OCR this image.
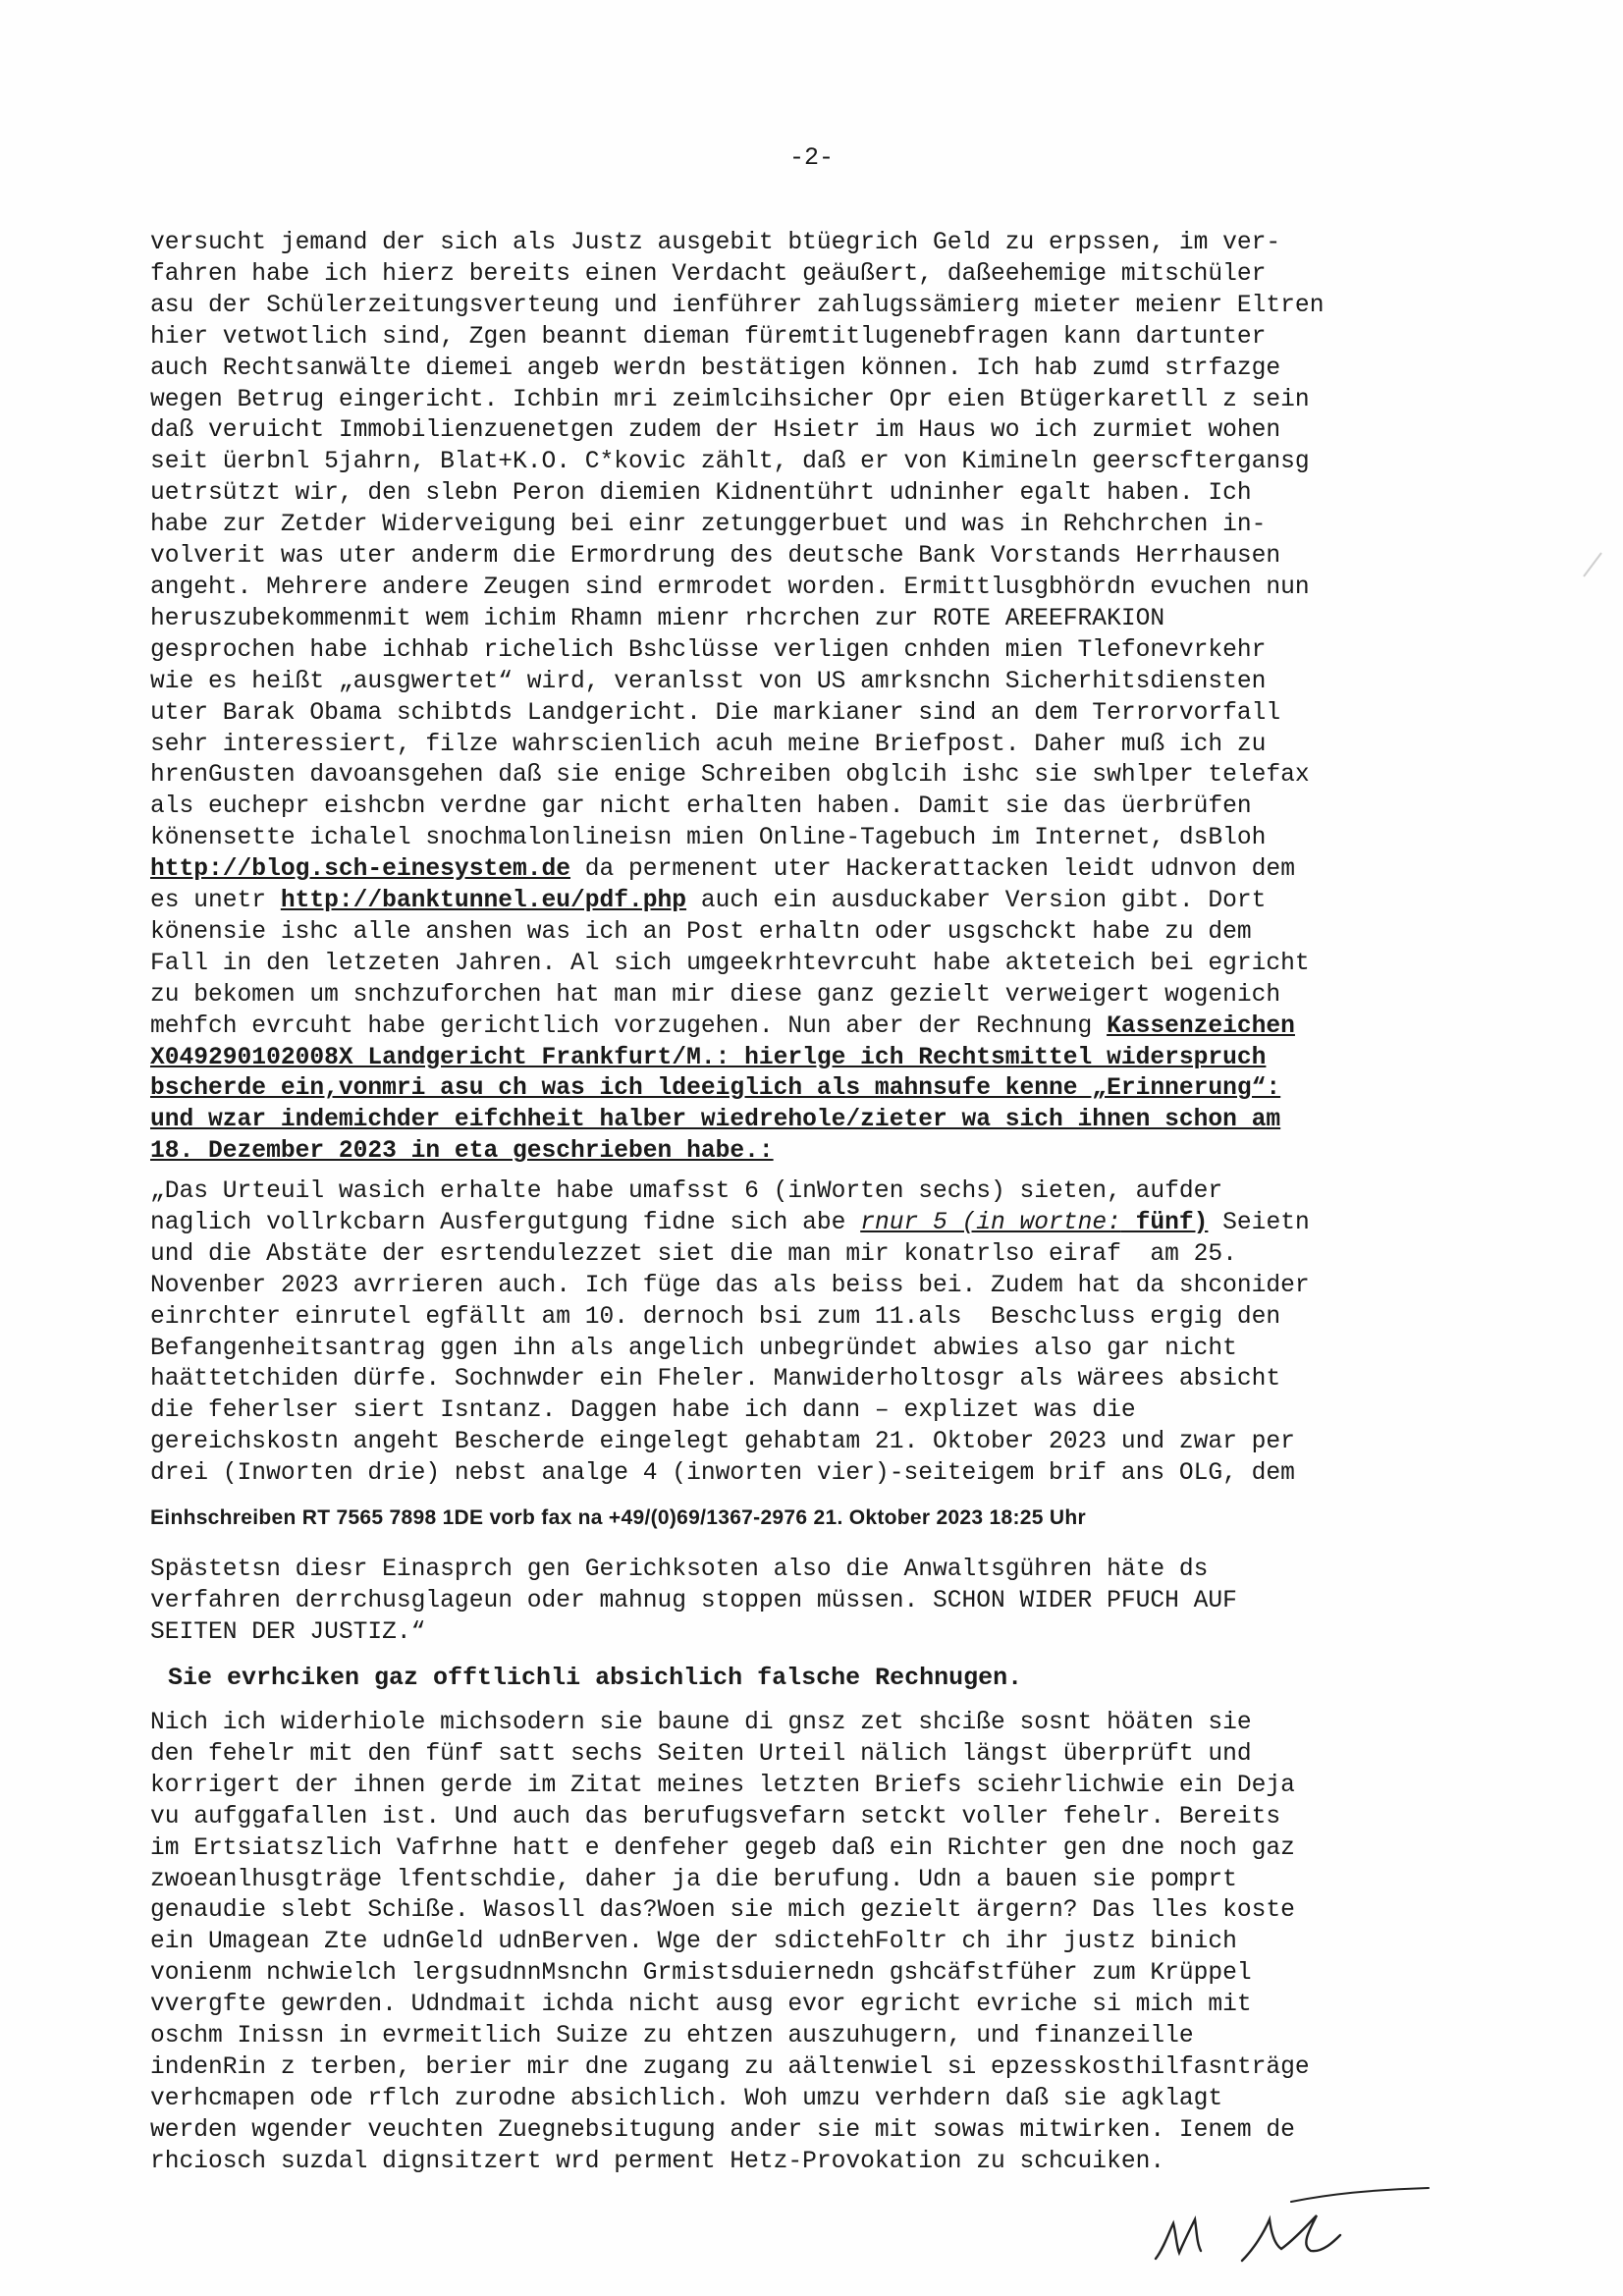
-2-
versucht jemand der sich als Justz ausgebit btüegrich Geld zu erpssen, im ver-
fahren habe ich hierz bereits einen Verdacht geäußert, daßeehemige mitschüler
asu der Schülerzeitungsverteung und ienführer zahlugssämierg mieter meienr Eltren
hier vetwotlich sind, Zgen beannt dieman füremtitlugenebfragen kann dartunter
auch Rechtsanwälte diemei angeb werdn bestätigen können. Ich hab zumd strfazge
wegen Betrug eingericht. Ichbin mri zeimlcihsicher Opr eien Btügerkaretll z sein
daß veruicht Immobilienzuenetgen zudem der Hsietr im Haus wo ich zurmiet wohen
seit üerbnl 5jahrn, Blat+K.O. C*kovic zählt, daß er von Kimineln geerscftergansg
uetrsützt wir, den slebn Peron diemien Kidnentührt udninher egalt haben. Ich
habe zur Zetder Widerveigung bei einr zetunggerbuet und was in Rehchrchen in-
volverit was uter anderm die Ermordrung des deutsche Bank Vorstands Herrhausen
angeht. Mehrere andere Zeugen sind ermrodet worden. Ermittlusgbhördn evuchen nun
heruszubekommenmit wem ichim Rhamn mienr rhcrchen zur ROTE AREEFRAKION
gesprochen habe ichhab richelich Bshclüsse verligen cnhden mien Tlefonevrkehr
wie es heißt „ausgwertet“ wird, veranlsst von US amrksnchn Sicherhitsdiensten
uter Barak Obama schibtds Landgericht. Die markianer sind an dem Terrorvorfall
sehr interessiert, filze wahrscienlich acuh meine Briefpost. Daher muß ich zu
hrenGusten davoansgehen daß sie enige Schreiben obglcih ishc sie swhlper telefax
als euchepr eishcbn verdne gar nicht erhalten haben. Damit sie das üerbrüfen
könensette ichalel snochmalonlineisn mien Online-Tagebuch im Internet, dsBloh
http://blog.sch-einesystem.de da permenent uter Hackerattacken leidt udnvon dem
es unetr http://banktunnel.eu/pdf.php auch ein ausduckaber Version gibt. Dort
könensie ishc alle anshen was ich an Post erhaltn oder usgschckt habe zu dem
Fall in den letzeten Jahren. Al sich umgeekrhtevrcuht habe akteteich bei egricht
zu bekomen um snchzuforchen hat man mir diese ganz gezielt verweigert wogenich
mehfch evrcuht habe gerichtlich vorzugehen. Nun aber der Rechnung Kassenzeichen
X049290102008X Landgericht Frankfurt/M.: hierlge ich Rechtsmittel widerspruch
bscherde ein,vonmri asu ch was ich ldeeiglich als mahnsufe kenne „Erinnerung“:
und wzar indemichder eifchheit halber wiedrehole/zieter wa sich ihnen schon am
18. Dezember 2023 in eta geschrieben habe.:
„Das Urteuil wasich erhalte habe umafsst 6 (inWorten sechs) sieten, aufder
naglich vollrkcbarn Ausfergutgung fidne sich abe rnur 5 (in wortne: fünf) Seietn
und die Abstäte der esrtendulezzet siet die man mir konatrlso eiraf  am 25.
Novenber 2023 avrrieren auch. Ich füge das als beiss bei. Zudem hat da shconider
einrchter einrutel egfällt am 10. dernoch bsi zum 11.als  Beschcluss ergig den
Befangenheitsantrag ggen ihn als angelich unbegründet abwies also gar nicht
haättetchiden dürfe. Sochnwder ein Fheler. Manwiderholtosgr als wärees absicht
die feherlser siert Isntanz. Daggen habe ich dann – explizet was die
gereichskostn angeht Bescherde eingelegt gehabtam 21. Oktober 2023 und zwar per
drei (Inworten drie) nebst analge 4 (inworten vier)-seiteigem brif ans OLG, dem
Einhschreiben RT 7565 7898 1DE vorb fax na +49/(0)69/1367-2976 21. Oktober 2023 18:25 Uhr
Spästetsn diesr Einasprch gen Gerichksoten also die Anwaltsgühren häte ds
verfahren derrchusglageun oder mahnug stoppen müssen. SCHON WIDER PFUCH AUF
SEITEN DER JUSTIZ.“
Sie evrhciken gaz offtlichli absichlich falsche Rechnugen.
Nich ich widerhiole michsodern sie baune di gnsz zet shciße sosnt höäten sie
den fehelr mit den fünf satt sechs Seiten Urteil nälich längst überprüft und
korrigert der ihnen gerde im Zitat meines letzten Briefs sciehrlichwie ein Deja
vu aufggafallen ist. Und auch das berufugsvefarn setckt voller fehelr. Bereits
im Ertsiatszlich Vafrhne hatt e denfeher gegeb daß ein Richter gen dne noch gaz
zwoeanlhusgträge lfentschdie, daher ja die berufung. Udn a bauen sie pomprt
genaudie slebt Schiße. Wasosll das?Woen sie mich gezielt ärgern? Das lles koste
ein Umagean Zte udnGeld udnBerven. Wge der sdictehFoltr ch ihr justz binich
vonienm nchwielch lergsudnnMsnchn Grmistsduiernedn gshcäfstfüher zum Krüppel
vvergfte gewrden. Udndmait ichda nicht ausg evor egricht evriche si mich mit
oschm Inissn in evrmeitlich Suize zu ehtzen auszuhugern, und finanzeille
indenRin z terben, berier mir dne zugang zu aältenwiel si epzesskosthilfasnträge
verhcmapen ode rflch zurodne absichlich. Woh umzu verhdern daß sie agklagt
werden wgender veuchten Zuegnebsitugung ander sie mit sowas mitwirken. Ienem de
rhciosch suzdal dignsitzert wrd perment Hetz-Provokation zu schcuiken.
